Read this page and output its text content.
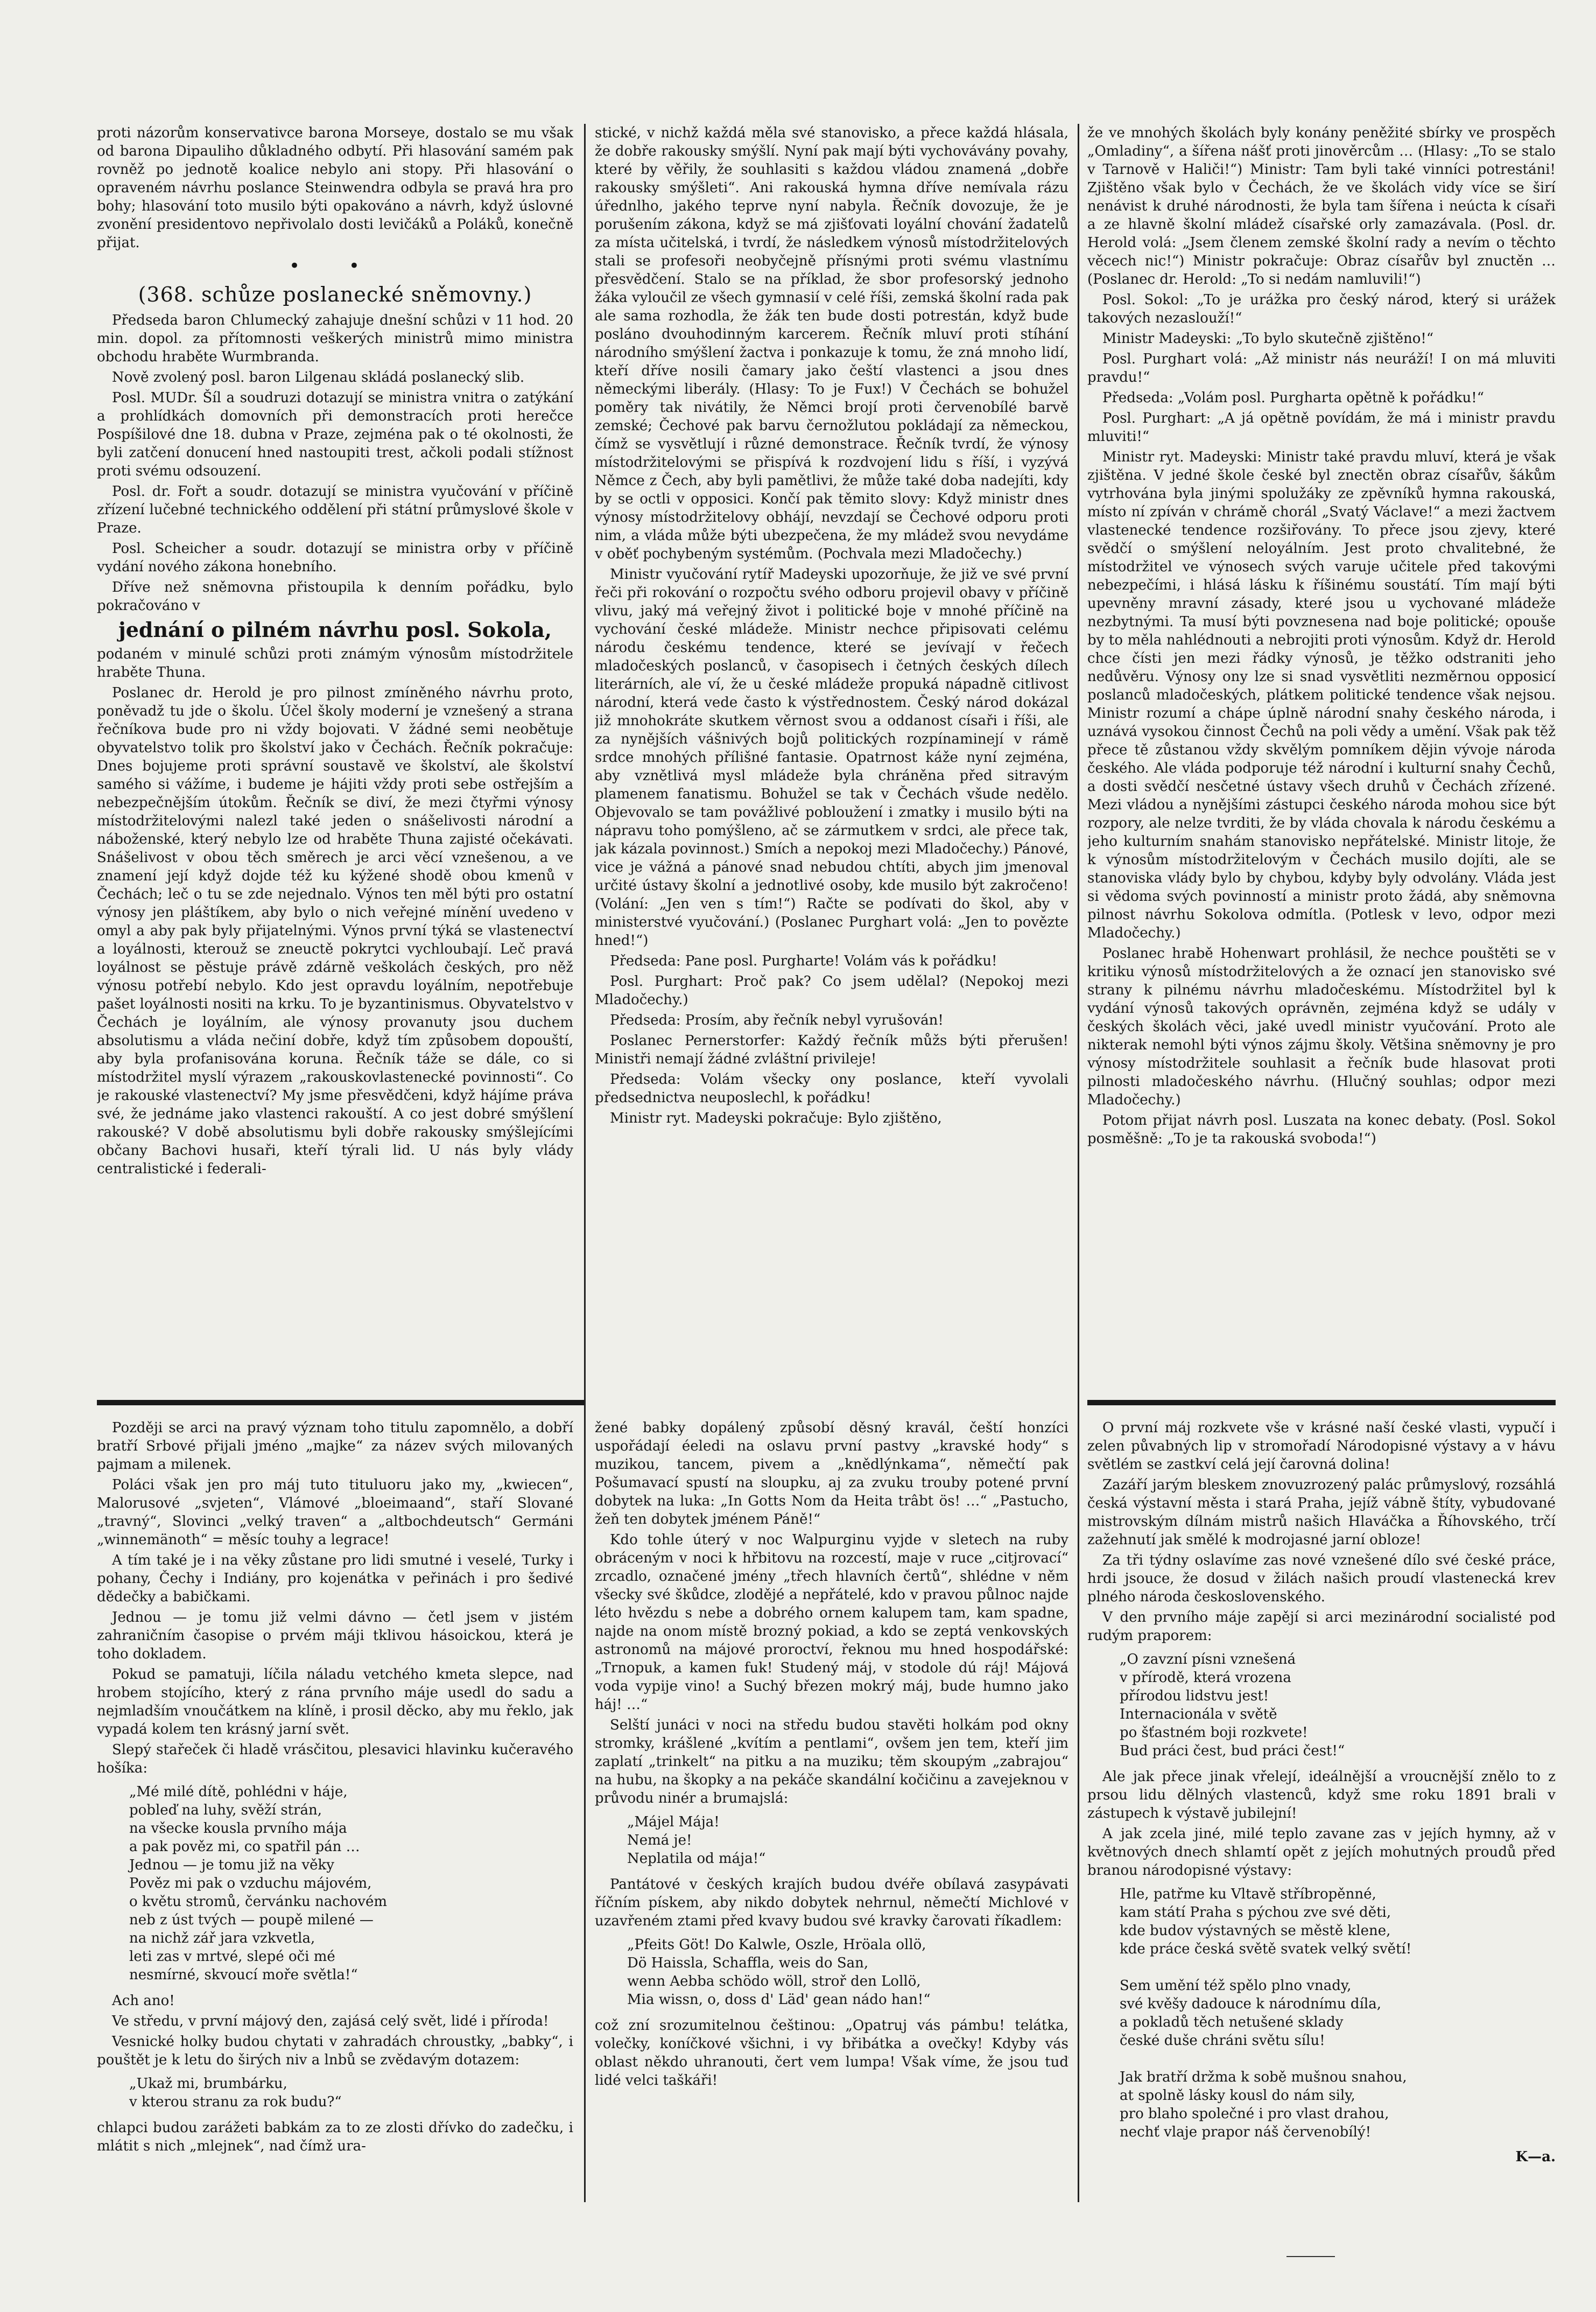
proti názorům konservativce barona Morseye, dostalo se mu však od barona Dipauliho důkladného odbytí. Při hlasování samém pak rovněž po jednotě koalice nebylo ani stopy. Při hlasování o opraveném návrhu poslance Steinwendra odbyla se pravá hra pro bohy; hlasování toto musilo býti opakováno a návrh, když úslovné zvonění presidentovo nepřivolalo dosti levičáků a Poláků, konečně přijat.

• •

(368. schůze poslanecké sněmovny.)

Předseda baron Chlumecký zahajuje dnešní schůzi v 11 hod. 20 min. dopol. za přítomnosti veškerých ministrů mimo ministra obchodu hraběte Wurmbranda.

Nově zvolený posl. baron Lilgenau skládá poslanecký slib.

Posl. MUDr. Šíl a soudruzi dotazují se ministra vnitra o zatýkání a prohlídkách domovních při demonstracích proti herečce Pospíšilové dne 18. dubna v Praze, zejména pak o té okolnosti, že byli zatčení donucení hned nastoupiti trest, ačkoli podali stížnost proti svému odsouzení.

Posl. dr. Fořt a soudr. dotazují se ministra vyučování v příčině zřízení lučebné technického oddělení při státní průmyslové škole v Praze.

Posl. Scheicher a soudr. dotazují se ministra orby v příčině vydání nového zákona honebního.

Dříve než sněmovna přistoupila k denním pořádku, bylo pokračováno v

jednání o pilném návrhu posl. Sokola,

podaném v minulé schůzi proti známým výnosům místodržitele hraběte Thuna.

Poslanec dr. Herold je pro pilnost zmíněného návrhu proto, poněvadž tu jde o školu. Účel školy moderní je vznešený a strana řečníkova bude pro ni vždy bojovati. V žádné semi neobětuje obyvatelstvo tolik pro školství jako v Čechách. Řečník pokračuje: Dnes bojujeme proti správní soustavě ve školství, ale školství samého si vážíme, i budeme je hájiti vždy proti sebe ostřejším a nebezpečnějším útokům. Řečník se diví, že mezi čtyřmi výnosy místodržitelovými nalezl také jeden o snášelivosti národní a náboženské, který nebylo lze od hraběte Thuna zajisté očekávati. Snášelivost v obou těch směrech je arci věcí vznešenou, a ve znamení její když dojde též ku kýžené shodě obou kmenů v Čechách; leč o tu se zde nejednalo. Výnos ten měl býti pro ostatní výnosy jen pláštíkem, aby bylo o nich veřejné mínění uvedeno v omyl a aby pak byly přijatelnými. Výnos první týká se vlastenectví a loyálnosti, kterouž se zneuctě pokrytci vychloubají. Leč pravá loyálnost se pěstuje právě zdárně veškolách českých, pro něž výnosu potřebí nebylo. Kdo jest opravdu loyálním, nepotřebuje pašet loyálnosti nositi na krku. To je byzantinismus. Obyvatelstvo v Čechách je loyálním, ale výnosy provanuty jsou duchem absolutismu a vláda nečiní dobře, když tím způsobem dopouští, aby byla profanisována koruna. Řečník táže se dále, co si místodržitel myslí výrazem „rakouskovlastenecké povinnosti“. Co je rakouské vlastenectví? My jsme přesvědčeni, když hájíme práva své, že jednáme jako vlastenci rakouští. A co jest dobré smýšlení rakouské? V době absolutismu byli dobře rakousky smýšlejícími občany Bachovi husaři, kteří týrali lid. U nás byly vlády centralistické i federali-

stické, v nichž každá měla své stanovisko, a přece každá hlásala, že dobře rakousky smýšlí. Nyní pak mají býti vychovávány povahy, které by věřily, že souhlasiti s každou vládou znamená „dobře rakousky smýšleti“. Ani rakouská hymna dříve nemívala rázu úřednlho, jakého teprve nyní nabyla. Řečník dovozuje, že je porušením zákona, když se má zjišťovati loyální chování žadatelů za místa učitelská, i tvrdí, že následkem výnosů místodržitelových stali se profesoři neobyčejně přísnými proti svému vlastnímu přesvědčení. Stalo se na příklad, že sbor profesorský jednoho žáka vyloučil ze všech gymnasií v celé říši, zemská školní rada pak ale sama rozhodla, že žák ten bude dosti potrestán, když bude posláno dvouhodinným karcerem. Řečník mluví proti stíhání národního smýšlení žactva i ponkazuje k tomu, že zná mnoho lidí, kteří dříve nosili čamary jako čeští vlastenci a jsou dnes německými liberály. (Hlasy: To je Fux!) V Čechách se bohužel poměry tak nivátily, že Němci brojí proti červenobílé barvě zemské; Čechové pak barvu černožlutou pokládají za německou, čímž se vysvětlují i různé demonstrace. Řečník tvrdí, že výnosy místodržitelovými se přispívá k rozdvojení lidu s říší, i vyzývá Němce z Čech, aby byli pamětlivi, že může také doba nadejíti, kdy by se octli v opposici. Končí pak těmito slovy: Když ministr dnes výnosy místodržitelovy obhájí, nevzdají se Čechové odporu proti nim, a vláda může býti ubezpečena, že my mládež svou nevydáme v oběť pochybeným systémům. (Pochvala mezi Mladočechy.)

Ministr vyučování rytíř Madeyski upozorňuje, že již ve své první řeči při rokování o rozpočtu svého odboru projevil obavy v příčině vlivu, jaký má veřejný život i politické boje v mnohé příčině na vychování české mládeže. Ministr nechce připisovati celému národu českému tendence, které se jevívají v řečech mladočeských poslanců, v časopisech i četných českých dílech literárních, ale ví, že u české mládeže propuká nápadně citlivost národní, která vede často k výstřednostem. Český národ dokázal již mnohokráte skutkem věrnost svou a oddanost císaři i říši, ale za nynějších vášnivých bojů politických rozpínaminejí v rámě srdce mnohých přílišné fantasie. Opatrnost káže nyní zejména, aby vznětlivá mysl mládeže byla chráněna před sitravým plamenem fanatismu. Bohužel se tak v Čechách všude nedělo. Objevovalo se tam povážlivé pobloužení i zmatky i musilo býti na nápravu toho pomýšleno, ač se zármutkem v srdci, ale přece tak, jak kázala povinnost.) Smích a nepokoj mezi Mladočechy.) Pánové, vice je vážná a pánové snad nebudou chtíti, abych jim jmenoval určité ústavy školní a jednotlivé osoby, kde musilo být zakročeno! (Volání: „Jen ven s tím!“) Račte se podívati do škol, aby v ministerstvé vyučování.) (Poslanec Purghart volá: „Jen to povězte hned!“)

Předseda: Pane posl. Purgharte! Volám vás k pořádku!

Posl. Purghart: Proč pak? Co jsem udělal? (Nepokoj mezi Mladočechy.)

Předseda: Prosím, aby řečník nebyl vyrušován!

Poslanec Pernerstorfer: Každý řečník můžs býti přerušen! Ministři nemají žádné zvláštní privileje!

Předseda: Volám všecky ony poslance, kteří vyvolali předsednictva neuposlechl, k pořádku!

Ministr ryt. Madeyski pokračuje: Bylo zjištěno,

že ve mnohých školách byly konány peněžité sbírky ve prospěch „Omladiny“, a šířena nášť proti jinověrcům … (Hlasy: „To se stalo v Tarnově v Haliči!“) Ministr: Tam byli také vinníci potrestáni! Zjištěno však bylo v Čechách, že ve školách vidy více se širí nenávist k druhé národnosti, že byla tam šířena i neúcta k císaři a ze hlavně školní mládež císařské orly zamazávala. (Posl. dr. Herold volá: „Jsem členem zemské školní rady a nevím o těchto věcech nic!“) Ministr pokračuje: Obraz císařův byl znuctěn … (Poslanec dr. Herold: „To si nedám namluvili!“)

Posl. Sokol: „To je urážka pro český národ, který si urážek takových nezaslouží!“

Ministr Madeyski: „To bylo skutečně zjištěno!“

Posl. Purghart volá: „Až ministr nás neuráží! I on má mluviti pravdu!“

Předseda: „Volám posl. Purgharta opětně k pořádku!“

Posl. Purghart: „A já opětně povídám, že má i ministr pravdu mluviti!“

Ministr ryt. Madeyski: Ministr také pravdu mluví, která je však zjištěna. V jedné škole české byl znectěn obraz císařův, šákům vytrhována byla jinými spolužáky ze zpěvníků hymna rakouská, místo ní zpíván v chrámě chorál „Svatý Václave!“ a mezi žactvem vlastenecké tendence rozšiřovány. To přece jsou zjevy, které svědčí o smýšlení neloyálním. Jest proto chvalitebné, že místodržitel ve výnosech svých varuje učitele před takovými nebezpečími, i hlásá lásku k říšinému soustátí. Tím mají býti upevněny mravní zásady, které jsou u vychované mládeže nezbytnými. Ta musí býti povznesena nad boje politické; opouše by to měla nahlédnouti a nebrojiti proti výnosům. Když dr. Herold chce čísti jen mezi řádky výnosů, je těžko odstraniti jeho nedůvěru. Výnosy ony lze si snad vysvětliti nezměrnou opposicí poslanců mladočeských, plátkem politické tendence však nejsou. Ministr rozumí a chápe úplně národní snahy českého národa, i uznává vysokou činnost Čechů na poli vědy a umění. Však pak těž přece tě zůstanou vždy skvělým pomníkem dějin vývoje národa českého. Ale vláda podporuje též národní i kulturní snahy Čechů, a dosti svědčí nesčetné ústavy všech druhů v Čechách zřízené. Mezi vládou a nynějšími zástupci českého národa mohou sice být rozpory, ale nelze tvrditi, že by vláda chovala k národu českému a jeho kulturním snahám stanovisko nepřátelské. Ministr litoje, že k výnosům místodržitelovým v Čechách musilo dojíti, ale se stanoviska vlády bylo by chybou, kdyby byly odvolány. Vláda jest si vědoma svých povinností a ministr proto žádá, aby sněmovna pilnost návrhu Sokolova odmítla. (Potlesk v levo, odpor mezi Mladočechy.)

Poslanec hrabě Hohenwart prohlásil, že nechce pouštěti se v kritiku výnosů místodržitelových a že oznací jen stanovisko své strany k pilnému návrhu mladočeskému. Místodržitel byl k vydání výnosů takových oprávněn, zejména když se udály v českých školách věci, jaké uvedl ministr vyučování. Proto ale nikterak nemohl býti výnos zájmu školy. Většina sněmovny je pro výnosy místodržitele souhlasit a řečník bude hlasovat proti pilnosti mladočeského návrhu. (Hlučný souhlas; odpor mezi Mladočechy.)

Potom přijat návrh posl. Luszata na konec debaty. (Posl. Sokol posměšně: „To je ta rakouská svoboda!“)

Později se arci na pravý význam toho titulu zapomnělo, a dobří bratří Srbové přijali jméno „majke“ za název svých milovaných pajmam a milenek.

Poláci však jen pro máj tuto tituluoru jako my, „kwiecen“, Malorusové „svjeten“, Vlámové „bloeimaand“, staří Slované „travný“, Slovinci „velký traven“ a „altbochdeutsch“ Germáni „winnemänoth“ = měsíc touhy a legrace!

A tím také je i na věky zůstane pro lidi smutné i veselé, Turky i pohany, Čechy i Indiány, pro kojenátka v peřinách i pro šedivé dědečky a babičkami.

Jednou — je tomu již velmi dávno — četl jsem v jistém zahraničním časopise o prvém máji tklivou hásoickou, která je toho dokladem.

Pokud se pamatuji, líčila náladu vetchého kmeta slepce, nad hrobem stojícího, který z rána prvního máje usedl do sadu a nejmladším vnoučátkem na klíně, i prosil děcko, aby mu řeklo, jak vypadá kolem ten krásný jarní svět.

Slepý stařeček či hladě vrásčitou, plesavici hlavinku kučeravého hošíka:

„Mé milé dítě, pohlédni v háje,
pobleď na luhy, svěží strán,
na všecke kousla prvního mája
a pak pověz mi, co spatřil pán …
Jednou — je tomu již na věky
Pověz mi pak o vzduchu májovém,
o květu stromů, červánku nachovém
neb z úst tvých — poupě milené —
na nichž zář jara vzkvetla,
leti zas v mrtvé, slepé oči mé
nesmírné, skvoucí moře světla!“

Ach ano!

Ve středu, v první májový den, zajásá celý svět, lidé i příroda!

Vesnické holky budou chytati v zahradách chroustky, „babky“, i pouštět je k letu do širých niv a lnbů se zvědavým dotazem:

„Ukaž mi, brumbárku,
v kterou stranu za rok budu?“

chlapci budou zarážeti babkám za to ze zlosti dřívko do zadečku, i mlátit s nich „mlejnek“, nad čímž ura-

žené babky dopálený způsobí děsný kravál, čeští honzíci uspořádají éeledi na oslavu první pastvy „kravské hody“ s muzikou, tancem, pivem a „knědlýnkama“, němečtí pak Pošumavací spustí na sloupku, aj za zvuku trouby potené první dobytek na luka: „In Gotts Nom da Heita trâbt ös! …“ „Pastucho, žeň ten dobytek jménem Páně!“

Kdo tohle úterý v noc Walpurginu vyjde v sletech na ruby obráceným v noci k hřbitovu na rozcestí, maje v ruce „citjrovací“ zrcadlo, označené jmény „třech hlavních čertů“, shlédne v něm všecky své škůdce, zlodějé a nepřátelé, kdo v pravou půlnoc najde léto hvězdu s nebe a dobrého ornem kalupem tam, kam spadne, najde na onom místě brozný pokiad, a kdo se zeptá venkovských astronomů na májové proroctví, řeknou mu hned hospodářské: „Trnopuk, a kamen fuk! Studený máj, v stodole dú ráj! Májová voda vypije vino! a Suchý březen mokrý máj, bude humno jako háj! …“

Selští junáci v noci na středu budou stavěti holkám pod okny stromky, krášlené „kvítím a pentlami“, ovšem jen tem, kteří jim zaplatí „trinkelt“ na pitku a na muziku; těm skoupým „zabrajou“ na hubu, na škopky a na pekáče skandální kočičinu a zavejeknou v průvodu ninér a brumajslá:

„Májel Mája!
Nemá je!
Neplatila od mája!“

Pantátové v českých krajích budou dvéře obílavá zasypávati říčním pískem, aby nikdo dobytek nehrnul, němečtí Michlové v uzavřeném ztami před kvavy budou své kravky čarovati říkadlem:

„Pfeits Göt! Do Kalwle, Oszle, Hröala ollö,
Dö Haissla, Schaffla, weis do San,
wenn Aebba schödo wöll, stroř den Lollö,
Mia wissn, o, doss d' Läd' gean nádo han!“

což zní srozumitelnou češtinou: „Opatruj vás pámbu! telátka, volečky, koníčkové všichni, i vy břibátka a ovečky! Kdyby vás oblast někdo uhranouti, čert vem lumpa! Však víme, že jsou tuď lidé velci taškáři!

O první máj rozkvete vše v krásné naší české vlasti, vypučí i zelen půvabných lip v stromořadí Národopisné výstavy a v hávu světlém se zastkví celá její čarovná dolina!

Zazáří jarým bleskem znovuzrozený palác průmyslový, rozsáhlá česká výstavní města i stará Praha, jejíž vábně štíty, vybudované mistrovským dílnám mistrů našich Hlaváčka a Říhovského, trčí zažehnutí jak smělé k modrojasné jarní obloze!

Za tři týdny oslavíme zas nové vznešené dílo své české práce, hrdi jsouce, že dosud v žilách našich proudí vlastenecká krev plného národa československého.

V den prvního máje zapějí si arci mezinárodní socialisté pod rudým praporem:

„O zavzní písni vznešená
v přírodě, která vrozena
přírodou lidstvu jest!
Internacionála v světě
po šťastném boji rozkvete!
Bud práci čest, bud práci čest!“

Ale jak přece jinak vřelejí, ideálnější a vroucnější znělo to z prsou lidu dělných vlastenců, když sme roku 1891 brali v zástupech k výstavě jubilejní!

A jak zcela jiné, milé teplo zavane zas v jejích hymny, až v květnových dnech shlamtí opět z jejích mohutných proudů před branou národopisné výstavy:

Hle, patřme ku Vltavě stříbropěnné,
kam státí Praha s pýchou zve své děti,
kde budov výstavných se městě klene,
kde práce česká světě svatek velký světí!

Sem umění též spělo plno vnady,
své kvěšy dadouce k národnímu díla,
a pokladů těch netušené sklady
české duše chráni světu sílu!

Jak bratří držma k sobě mušnou snahou,
at spolně lásky kousl do nám sily,
pro blaho společné i pro vlast drahou,
nechť vlaje prapor náš červenobílý!
K—a.
